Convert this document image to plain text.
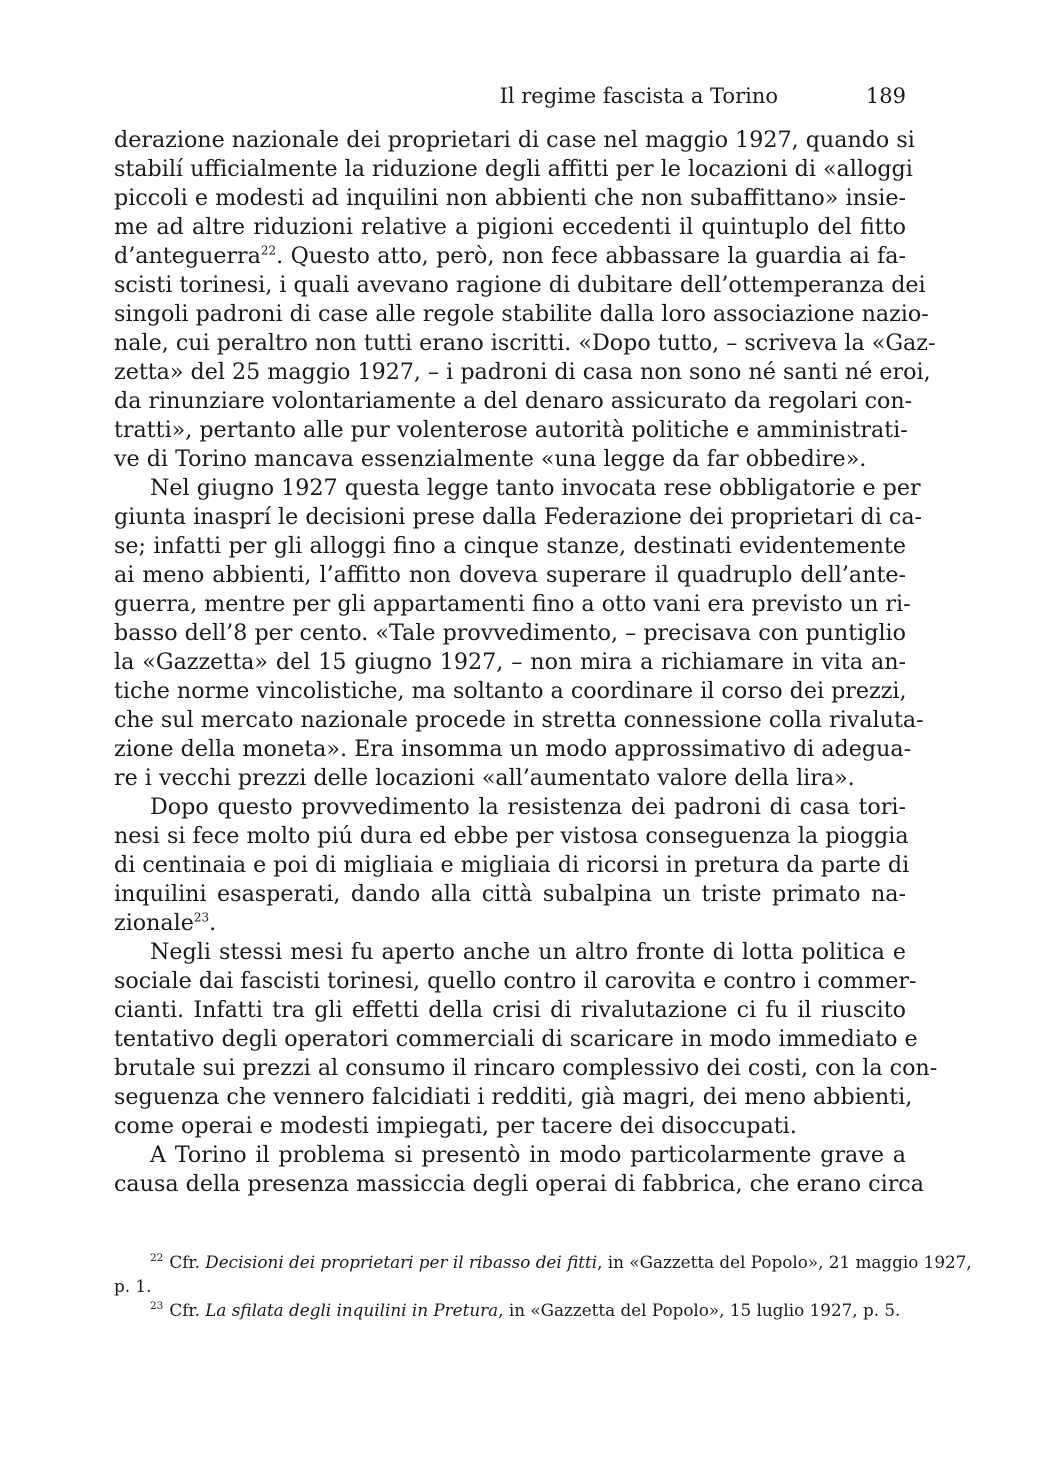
Il regime fascista a Torino	189
derazione nazionale dei proprietari di case nel maggio 1927, quando si
stabilí ufficialmente la riduzione degli affitti per le locazioni di «alloggi
piccoli e modesti ad inquilini non abbienti che non subaffittano» insie-
me ad altre riduzioni relative a pigioni eccedenti il quintuplo del fitto
d’anteguerra$^{22}$. Questo atto, però, non fece abbassare la guardia ai fa-
scisti torinesi, i quali avevano ragione di dubitare dell’ottemperanza dei
singoli padroni di case alle regole stabilite dalla loro associazione nazio-
nale, cui peraltro non tutti erano iscritti. «Dopo tutto, – scriveva la «Gaz-
zetta» del 25 maggio 1927, – i padroni di casa non sono né santi né eroi,
da rinunziare volontariamente a del denaro assicurato da regolari con-
tratti», pertanto alle pur volenterose autorità politiche e amministrati-
ve di Torino mancava essenzialmente «una legge da far obbedire».
Nel giugno 1927 questa legge tanto invocata rese obbligatorie e per
giunta inasprí le decisioni prese dalla Federazione dei proprietari di ca-
se; infatti per gli alloggi fino a cinque stanze, destinati evidentemente
ai meno abbienti, l’affitto non doveva superare il quadruplo dell’ante-
guerra, mentre per gli appartamenti fino a otto vani era previsto un ri-
basso dell’8 per cento. «Tale provvedimento, – precisava con puntiglio
la «Gazzetta» del 15 giugno 1927, – non mira a richiamare in vita an-
tiche norme vincolistiche, ma soltanto a coordinare il corso dei prezzi,
che sul mercato nazionale procede in stretta connessione colla rivaluta-
zione della moneta». Era insomma un modo approssimativo di adegua-
re i vecchi prezzi delle locazioni «all’aumentato valore della lira».
Dopo questo provvedimento la resistenza dei padroni di casa tori-
nesi si fece molto piú dura ed ebbe per vistosa conseguenza la pioggia
di centinaia e poi di migliaia e migliaia di ricorsi in pretura da parte di
inquilini esasperati, dando alla città subalpina un triste primato na-
zionale$^{23}$.
Negli stessi mesi fu aperto anche un altro fronte di lotta politica e
sociale dai fascisti torinesi, quello contro il carovita e contro i commer-
cianti. Infatti tra gli effetti della crisi di rivalutazione ci fu il riuscito
tentativo degli operatori commerciali di scaricare in modo immediato e
brutale sui prezzi al consumo il rincaro complessivo dei costi, con la con-
seguenza che vennero falcidiati i redditi, già magri, dei meno abbienti,
come operai e modesti impiegati, per tacere dei disoccupati.
A Torino il problema si presentò in modo particolarmente grave a
causa della presenza massiccia degli operai di fabbrica, che erano circa
$^{22}$ Cfr. Decisioni dei proprietari per il ribasso dei fitti, in «Gazzetta del Popolo», 21 maggio 1927,
p. 1.
$^{23}$ Cfr. La sfilata degli inquilini in Pretura, in «Gazzetta del Popolo», 15 luglio 1927, p. 5.
